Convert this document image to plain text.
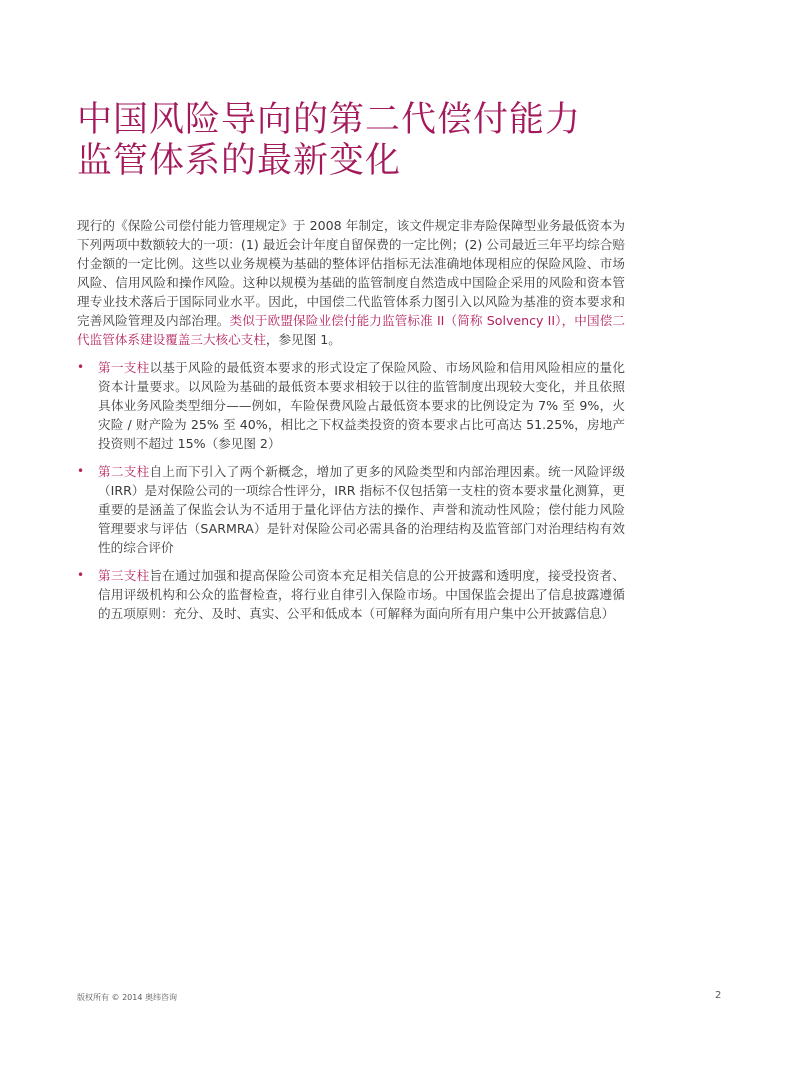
中国风险导向的第二代偿付能力
监管体系的最新变化

现行的《保险公司偿付能力管理规定》于 2008 年制定，该文件规定非寿险保障型业务最低资本为下列两项中数额较大的一项：(1) 最近会计年度自留保费的一定比例；(2) 公司最近三年平均综合赔付金额的一定比例。这些以业务规模为基础的整体评估指标无法准确地体现相应的保险风险、市场风险、信用风险和操作风险。这种以规模为基础的监管制度自然造成中国险企采用的风险和资本管理专业技术落后于国际同业水平。因此，中国偿二代监管体系力图引入以风险为基准的资本要求和完善风险管理及内部治理。类似于欧盟保险业偿付能力监管标准 II（简称 Solvency II），中国偿二代监管体系建设覆盖三大核心支柱，参见图 1。

• 第一支柱以基于风险的最低资本要求的形式设定了保险风险、市场风险和信用风险相应的量化资本计量要求。以风险为基础的最低资本要求相较于以往的监管制度出现较大变化，并且依照具体业务风险类型细分——例如，车险保费风险占最低资本要求的比例设定为 7% 至 9%，火灾险 / 财产险为 25% 至 40%，相比之下权益类投资的资本要求占比可高达 51.25%，房地产投资则不超过 15%（参见图 2）
• 第二支柱自上而下引入了两个新概念，增加了更多的风险类型和内部治理因素。统一风险评级（IRR）是对保险公司的一项综合性评分，IRR 指标不仅包括第一支柱的资本要求量化测算，更重要的是涵盖了保监会认为不适用于量化评估方法的操作、声誉和流动性风险；偿付能力风险管理要求与评估（SARMRA）是针对保险公司必需具备的治理结构及监管部门对治理结构有效性的综合评价
• 第三支柱旨在通过加强和提高保险公司资本充足相关信息的公开披露和透明度，接受投资者、信用评级机构和公众的监督检查，将行业自律引入保险市场。中国保监会提出了信息披露遵循的五项原则：充分、及时、真实、公平和低成本（可解释为面向所有用户集中公开披露信息）
版权所有 © 2014 奥纬咨询	2
